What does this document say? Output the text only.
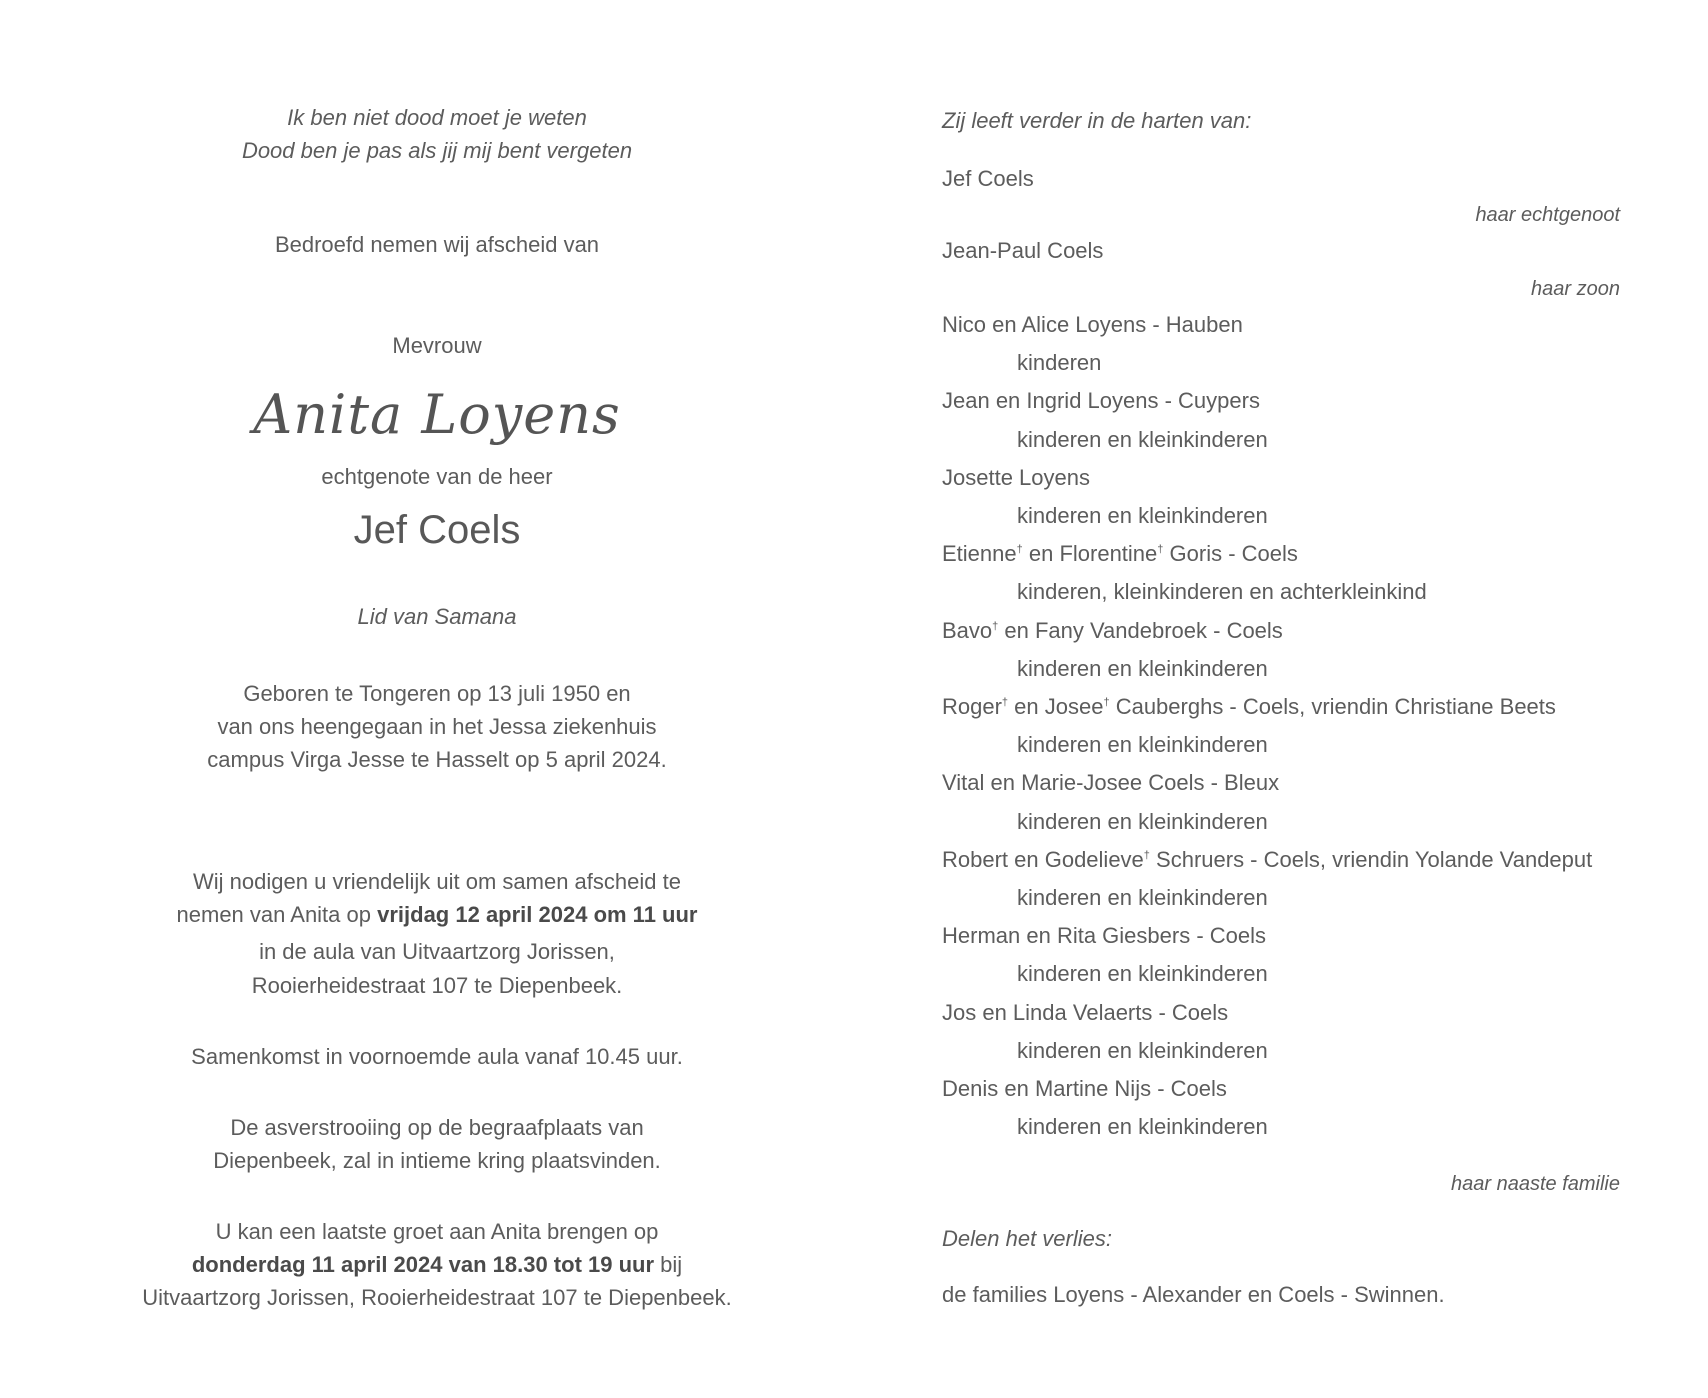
Ik ben niet dood moet je weten
Dood ben je pas als jij mij bent vergeten
Bedroefd nemen wij afscheid van
Mevrouw
Anita Loyens
echtgenote van de heer
Jef Coels
Lid van Samana
Geboren te Tongeren op 13 juli 1950 en
van ons heengegaan in het Jessa ziekenhuis
campus Virga Jesse te Hasselt op 5 april 2024.
Wij nodigen u vriendelijk uit om samen afscheid te
nemen van Anita op vrijdag 12 april 2024 om 11 uur
in de aula van Uitvaartzorg Jorissen,
Rooierheidestraat 107 te Diepenbeek.
Samenkomst in voornoemde aula vanaf 10.45 uur.
De asverstrooiing op de begraafplaats van
Diepenbeek, zal in intieme kring plaatsvinden.
U kan een laatste groet aan Anita brengen op
donderdag 11 april 2024 van 18.30 tot 19 uur bij
Uitvaartzorg Jorissen, Rooierheidestraat 107 te Diepenbeek.
Zij leeft verder in de harten van:
Jef Coels
haar echtgenoot
Jean-Paul Coels
haar zoon
Nico en Alice Loyens - Hauben
kinderen
Jean en Ingrid Loyens - Cuypers
kinderen en kleinkinderen
Josette Loyens
kinderen en kleinkinderen
Etienne† en Florentine† Goris - Coels
kinderen, kleinkinderen en achterkleinkind
Bavo† en Fany Vandebroek - Coels
kinderen en kleinkinderen
Roger† en Josee† Cauberghs - Coels, vriendin Christiane Beets
kinderen en kleinkinderen
Vital en Marie-Josee Coels - Bleux
kinderen en kleinkinderen
Robert en Godelieve† Schruers - Coels, vriendin Yolande Vandeput
kinderen en kleinkinderen
Herman en Rita Giesbers - Coels
kinderen en kleinkinderen
Jos en Linda Velaerts - Coels
kinderen en kleinkinderen
Denis en Martine Nijs - Coels
kinderen en kleinkinderen
haar naaste familie
Delen het verlies:
de families Loyens - Alexander en Coels - Swinnen.
